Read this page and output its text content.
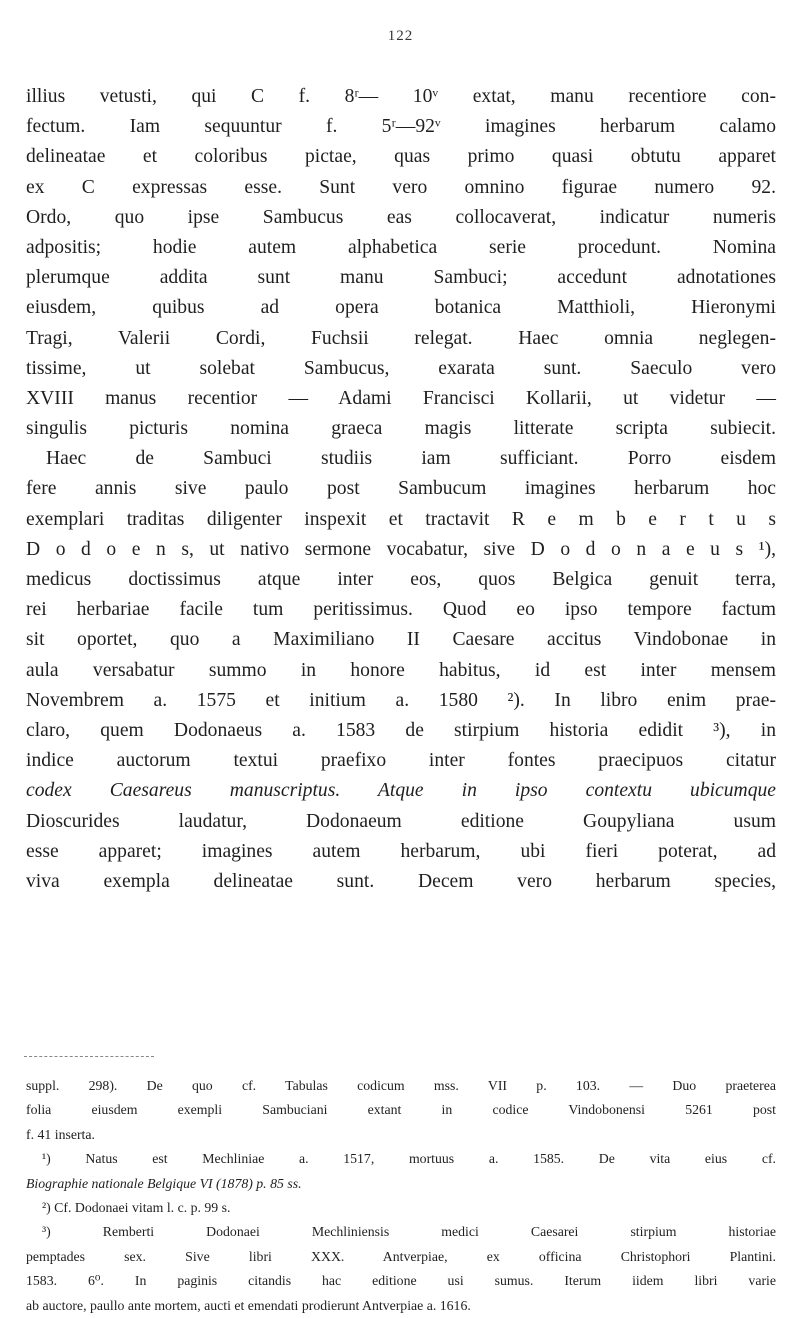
122
illius vetusti, qui C f. 8ʳ— 10ᵛ extat, manu recentiore con-
fectum. Iam sequuntur f. 5ʳ—92ᵛ imagines herbarum calamo
delineatae et coloribus pictae, quas primo quasi obtutu apparet
ex C expressas esse. Sunt vero omnino figurae numero 92.
Ordo, quo ipse Sambucus eas collocaverat, indicatur numeris
adpositis; hodie autem alphabetica serie procedunt. Nomina
plerumque addita sunt manu Sambuci; accedunt adnotationes
eiusdem, quibus ad opera botanica Matthioli, Hieronymi
Tragi, Valerii Cordi, Fuchsii relegat. Haec omnia neglegen-
tissime, ut solebat Sambucus, exarata sunt. Saeculo vero
XVIII manus recentior — Adami Francisci Kollarii, ut videtur —
singulis picturis nomina graeca magis litterate scripta subiecit.
Haec de Sambuci studiis iam sufficiant. Porro eisdem
fere annis sive paulo post Sambucum imagines herbarum hoc
exemplari traditas diligenter inspexit et tractavit R e m b e r t u s
D o d o e n s, ut nativo sermone vocabatur, sive D o d o n a e u s ¹),
medicus doctissimus atque inter eos, quos Belgica genuit terra,
rei herbariae facile tum peritissimus. Quod eo ipso tempore factum
sit oportet, quo a Maximiliano II Caesare accitus Vindobonae in
aula versabatur summo in honore habitus, id est inter mensem
Novembrem a. 1575 et initium a. 1580 ²). In libro enim prae-
claro, quem Dodonaeus a. 1583 de stirpium historia edidit ³), in
indice auctorum textui praefixo inter fontes praecipuos citatur
codex Caesareus manuscriptus. Atque in ipso contextu ubicumque
Dioscurides laudatur, Dodonaeum editione Goupyliana usum
esse apparet; imagines autem herbarum, ubi fieri poterat, ad
viva exempla delineatae sunt. Decem vero herbarum species,
suppl. 298). De quo cf. Tabulas codicum mss. VII p. 103. — Duo praeterea
folia eiusdem exempli Sambuciani extant in codice Vindobonensi 5261 post
f. 41 inserta.
¹) Natus est Mechliniae a. 1517, mortuus a. 1585. De vita eius cf.
Biographie nationale Belgique VI (1878) p. 85 ss.
²) Cf. Dodonaei vitam l. c. p. 99 s.
³) Remberti Dodonaei Mechliniensis medici Caesarei stirpium historiae
pemptades sex. Sive libri XXX. Antverpiae, ex officina Christophori Plantini.
1583. 6⁰. In paginis citandis hac editione usi sumus. Iterum iidem libri varie
ab auctore, paullo ante mortem, aucti et emendati prodierunt Antverpiae a. 1616.
